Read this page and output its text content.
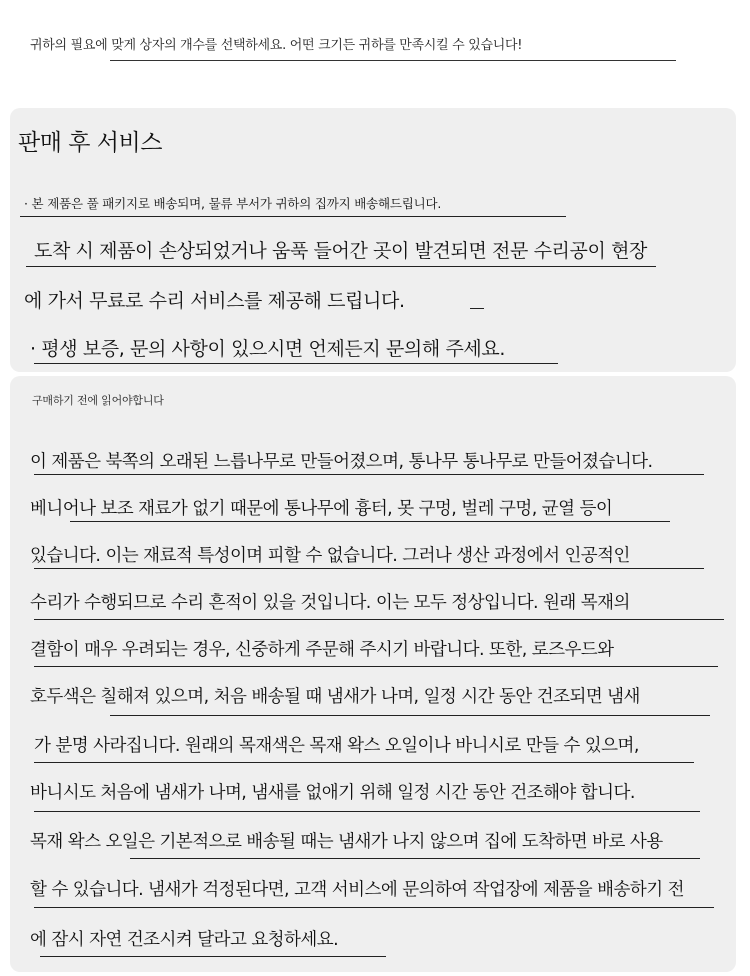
귀하의 필요에 맞게 상자의 개수를 선택하세요. 어떤 크기든 귀하를 만족시킬 수 있습니다!
판매 후 서비스
· 본 제품은 풀 패키지로 배송되며, 물류 부서가 귀하의 집까지 배송해드립니다.
도착 시 제품이 손상되었거나 움푹 들어간 곳이 발견되면 전문 수리공이 현장
에 가서 무료로 수리 서비스를 제공해 드립니다.
· 평생 보증, 문의 사항이 있으시면 언제든지 문의해 주세요.
구매하기 전에 읽어야합니다
이 제품은 북쪽의 오래된 느릅나무로 만들어졌으며, 통나무 통나무로 만들어졌습니다.
베니어나 보조 재료가 없기 때문에 통나무에 흉터, 못 구멍, 벌레 구멍, 균열 등이
있습니다. 이는 재료적 특성이며 피할 수 없습니다. 그러나 생산 과정에서 인공적인
수리가 수행되므로 수리 흔적이 있을 것입니다. 이는 모두 정상입니다. 원래 목재의
결함이 매우 우려되는 경우, 신중하게 주문해 주시기 바랍니다. 또한, 로즈우드와
호두색은 칠해져 있으며, 처음 배송될 때 냄새가 나며, 일정 시간 동안 건조되면 냄새
가 분명 사라집니다. 원래의 목재색은 목재 왁스 오일이나 바니시로 만들 수 있으며,
바니시도 처음에 냄새가 나며, 냄새를 없애기 위해 일정 시간 동안 건조해야 합니다.
목재 왁스 오일은 기본적으로 배송될 때는 냄새가 나지 않으며 집에 도착하면 바로 사용
할 수 있습니다. 냄새가 걱정된다면, 고객 서비스에 문의하여 작업장에 제품을 배송하기 전
에 잠시 자연 건조시켜 달라고 요청하세요.
